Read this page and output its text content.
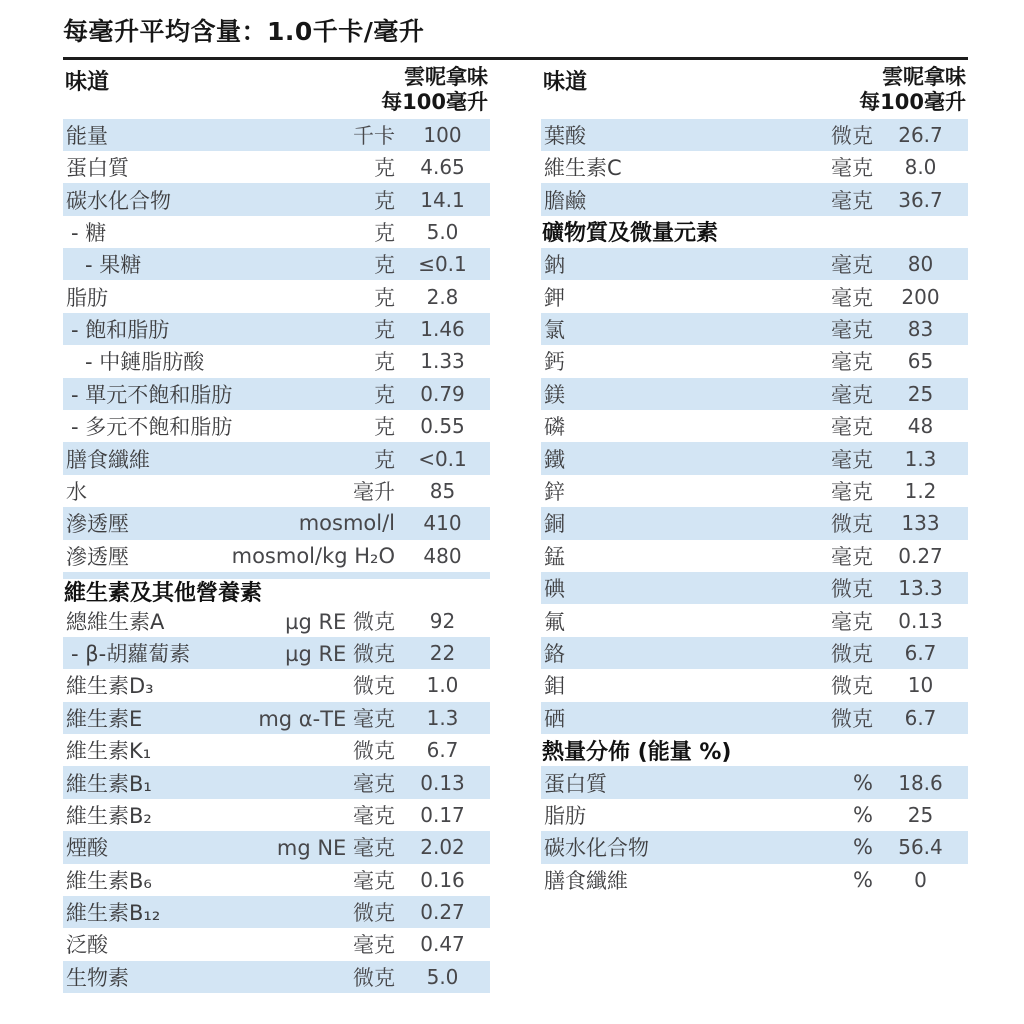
每毫升平均含量：1.0千卡/毫升
味道	雲呢拿味
每100毫升
能量	千卡	100
蛋白質	克	4.65
碳水化合物	克	14.1
- 糖	克	5.0
- 果糖	克	≤0.1
脂肪	克	2.8
- 飽和脂肪	克	1.46
- 中鏈脂肪酸	克	1.33
- 單元不飽和脂肪	克	0.79
- 多元不飽和脂肪	克	0.55
膳食纖維	克	<0.1
水	毫升	85
滲透壓	mosmol/l	410
滲透壓	mosmol/kg H₂O	480
維生素及其他營養素
總維生素A	µg RE 微克	92
- β-胡蘿蔔素	µg RE 微克	22
維生素D₃	微克	1.0
維生素E	mg α-TE 毫克	1.3
維生素K₁	微克	6.7
維生素B₁	毫克	0.13
維生素B₂	毫克	0.17
煙酸	mg NE 毫克	2.02
維生素B₆	毫克	0.16
維生素B₁₂	微克	0.27
泛酸	毫克	0.47
生物素	微克	5.0
味道	雲呢拿味
每100毫升
葉酸	微克	26.7
維生素C	毫克	8.0
膽鹼	毫克	36.7
礦物質及微量元素
鈉	毫克	80
鉀	毫克	200
氯	毫克	83
鈣	毫克	65
鎂	毫克	25
磷	毫克	48
鐵	毫克	1.3
鋅	毫克	1.2
銅	微克	133
錳	毫克	0.27
碘	微克	13.3
氟	毫克	0.13
鉻	微克	6.7
鉬	微克	10
硒	微克	6.7
熱量分佈 (能量 %)
蛋白質	%	18.6
脂肪	%	25
碳水化合物	%	56.4
膳食纖維	%	0
